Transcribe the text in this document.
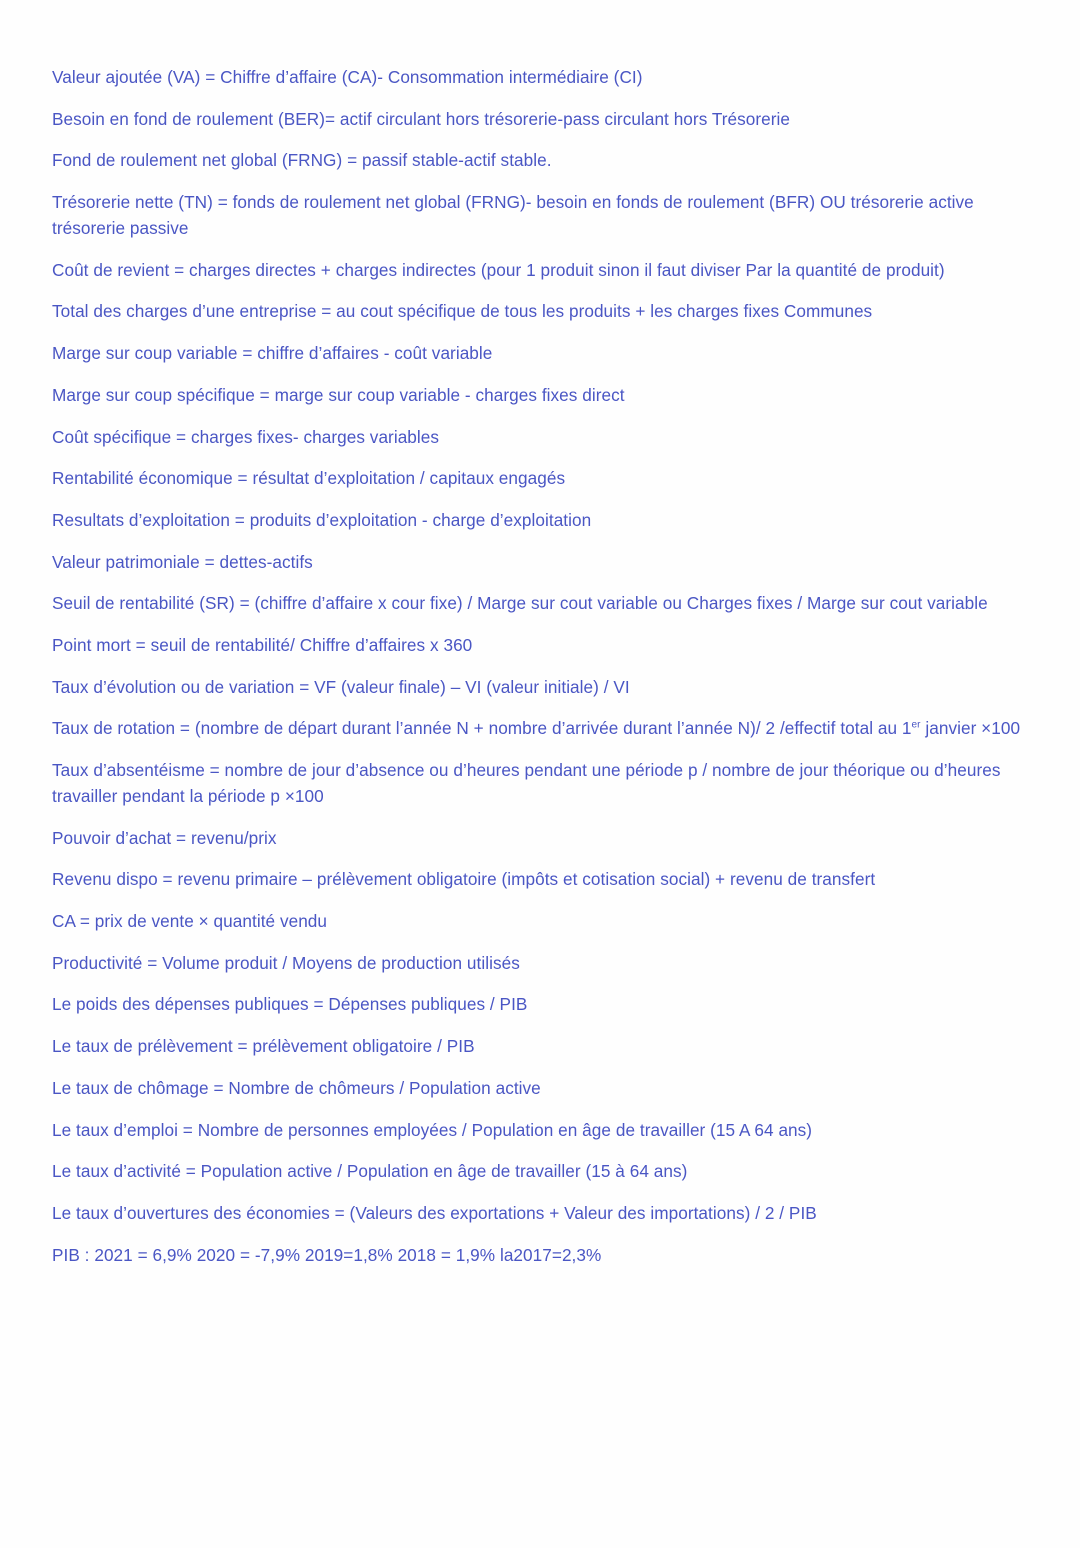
Valeur ajoutée (VA) = Chiffre d’affaire (CA)- Consommation intermédiaire (CI)
Besoin en fond de roulement (BER)= actif circulant hors trésorerie-pass circulant hors Trésorerie
Fond de roulement net global (FRNG) = passif stable-actif stable.
Trésorerie nette (TN) = fonds de roulement net global (FRNG)- besoin en fonds de roulement (BFR) OU trésorerie active trésorerie passive
Coût de revient = charges directes + charges indirectes (pour 1 produit sinon il faut diviser Par la quantité de produit)
Total des charges d’une entreprise = au cout spécifique de tous les produits + les charges fixes Communes
Marge sur coup variable = chiffre d’affaires - coût variable
Marge sur coup spécifique = marge sur coup variable - charges fixes direct
Coût spécifique = charges fixes- charges variables
Rentabilité économique = résultat d’exploitation / capitaux engagés
Resultats d’exploitation = produits d’exploitation - charge d’exploitation
Valeur patrimoniale = dettes-actifs
Seuil de rentabilité (SR) = (chiffre d’affaire x cour fixe) / Marge sur cout variable ou Charges fixes / Marge sur cout variable
Point mort = seuil de rentabilité/ Chiffre d’affaires x 360
Taux d’évolution ou de variation = VF (valeur finale) – VI (valeur initiale) / VI
Taux de rotation = (nombre de départ durant l’année N + nombre d’arrivée durant l’année N)/ 2 /effectif total au 1er janvier ×100
Taux d’absentéisme = nombre de jour d’absence ou d’heures pendant une période p / nombre de jour théorique ou d’heures travailler pendant la période p ×100
Pouvoir d’achat = revenu/prix
Revenu dispo = revenu primaire – prélèvement obligatoire (impôts et cotisation social) + revenu de transfert
CA = prix de vente × quantité vendu
Productivité = Volume produit / Moyens de production utilisés
Le poids des dépenses publiques = Dépenses publiques / PIB
Le taux de prélèvement = prélèvement obligatoire / PIB
Le taux de chômage = Nombre de chômeurs / Population active
Le taux d’emploi = Nombre de personnes employées / Population en âge de travailler (15 A 64 ans)
Le taux d’activité = Population active / Population en âge de travailler (15 à 64 ans)
Le taux d’ouvertures des économies = (Valeurs des exportations + Valeur des importations) / 2 / PIB
PIB : 2021 = 6,9% 2020 = -7,9% 2019=1,8% 2018 = 1,9% la2017=2,3%
